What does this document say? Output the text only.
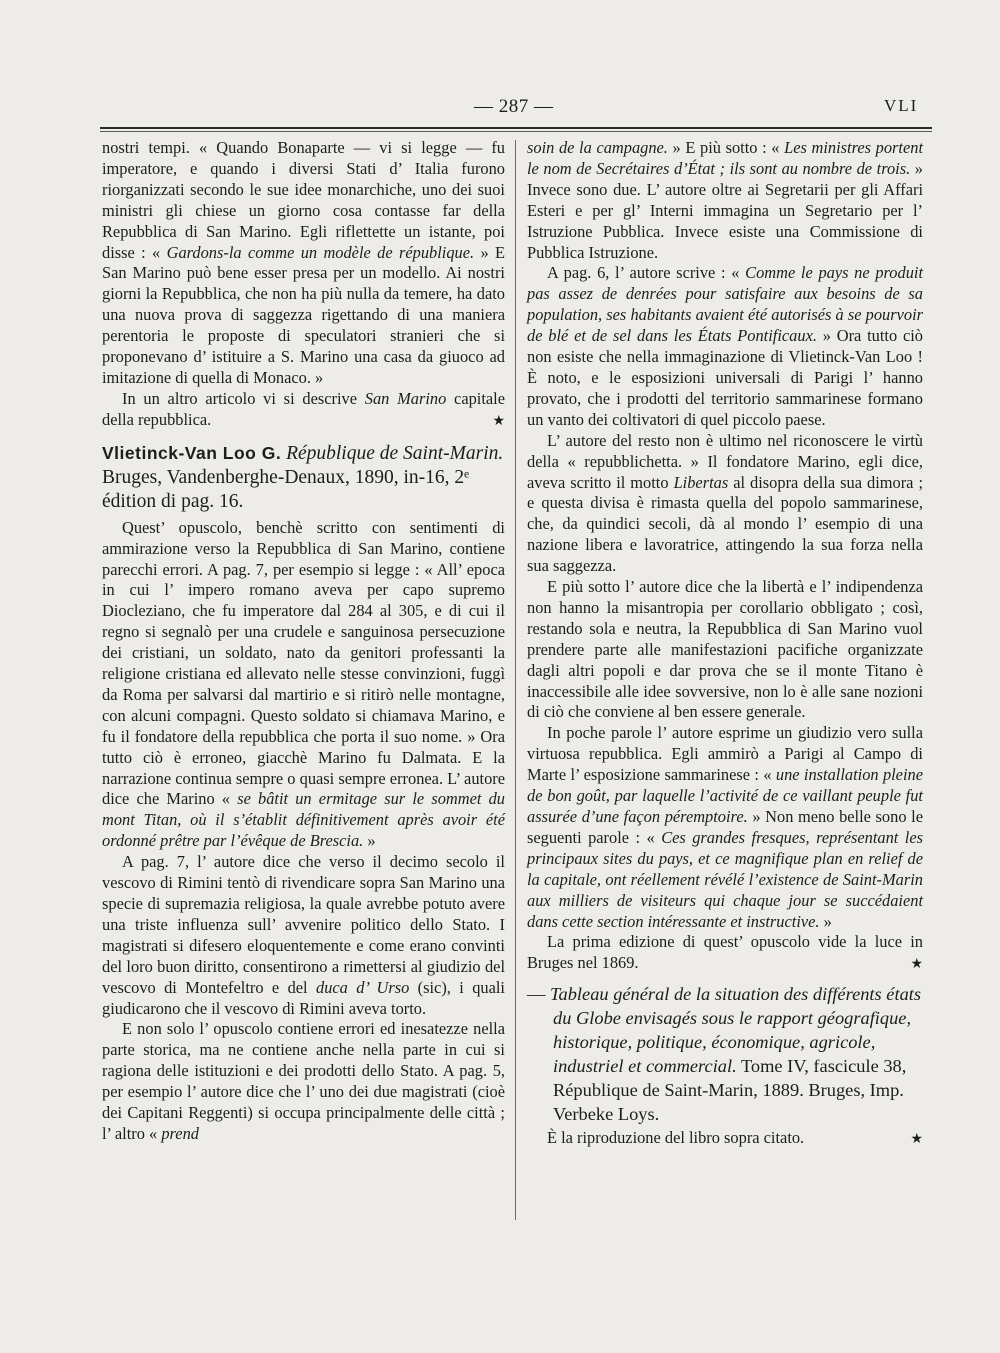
— 287 —	VLI

nostri tempi. « Quando Bonaparte — vi si legge — fu imperatore, e quando i diversi Stati d’ Italia furono riorganizzati secondo le sue idee monarchiche, uno dei suoi ministri gli chiese un giorno cosa contasse far della Repubblica di San Marino. Egli riflettette un istante, poi disse : « Gardons-la comme un modèle de république. » E San Marino può bene esser presa per un modello. Ai nostri giorni la Repubblica, che non ha più nulla da temere, ha dato una nuova prova di saggezza rigettando di una maniera perentoria le proposte di speculatori stranieri che si proponevano d’ istituire a S. Marino una casa da giuoco ad imitazione di quella di Monaco. »

In un altro articolo vi si descrive San Marino capitale della repubblica.	★

Vlietinck-Van Loo G. République de Saint-Marin. Bruges, Vandenberghe-Denaux, 1890, in-16, 2ᵉ édition di pag. 16.

Quest’ opuscolo, benchè scritto con sentimenti di ammirazione verso la Repubblica di San Marino, contiene parecchi errori. A pag. 7, per esempio si legge : « All’ epoca in cui l’ impero romano aveva per capo supremo Diocleziano, che fu imperatore dal 284 al 305, e di cui il regno si segnalò per una crudele e sanguinosa persecuzione dei cristiani, un soldato, nato da genitori professanti la religione cristiana ed allevato nelle stesse convinzioni, fuggì da Roma per salvarsi dal martirio e si ritirò nelle montagne, con alcuni compagni. Questo soldato si chiamava Marino, e fu il fondatore della repubblica che porta il suo nome. » Ora tutto ciò è erroneo, giacchè Marino fu Dalmata. E la narrazione continua sempre o quasi sempre erronea. L’ autore dice che Marino « se bâtit un ermitage sur le sommet du mont Titan, où il s’établit définitivement après avoir été ordonné prêtre par l’évêque de Brescia. »

A pag. 7, l’ autore dice che verso il decimo secolo il vescovo di Rimini tentò di rivendicare sopra San Marino una specie di supremazia religiosa, la quale avrebbe potuto avere una triste influenza sull’ avvenire politico dello Stato. I magistrati si difesero eloquentemente e come erano convinti del loro buon diritto, consentirono a rimettersi al giudizio del vescovo di Montefeltro e del duca d’ Urso (sic), i quali giudicarono che il vescovo di Rimini aveva torto.

E non solo l’ opuscolo contiene errori ed inesatezze nella parte storica, ma ne contiene anche nella parte in cui si ragiona delle istituzioni e dei prodotti dello Stato. A pag. 5, per esempio l’ autore dice che l’ uno dei due magistrati (cioè dei Capitani Reggenti) si occupa principalmente delle città ; l’ altro « prend

soin de la campagne. » E più sotto : « Les ministres portent le nom de Secrétaires d’État ; ils sont au nombre de trois. » Invece sono due. L’ autore oltre ai Segretarii per gli Affari Esteri e per gl’ Interni immagina un Segretario per l’ Istruzione Pubblica. Invece esiste una Commissione di Pubblica Istruzione.

A pag. 6, l’ autore scrive : « Comme le pays ne produit pas assez de denrées pour satisfaire aux besoins de sa population, ses habitants avaient été autorisés à se pourvoir de blé et de sel dans les États Pontificaux. » Ora tutto ciò non esiste che nella immaginazione di Vlietinck-Van Loo ! È noto, e le esposizioni universali di Parigi l’ hanno provato, che i prodotti del territorio sammarinese formano un vanto dei coltivatori di quel piccolo paese.

L’ autore del resto non è ultimo nel riconoscere le virtù della « repubblichetta. » Il fondatore Marino, egli dice, aveva scritto il motto Libertas al disopra della sua dimora ; e questa divisa è rimasta quella del popolo sammarinese, che, da quindici secoli, dà al mondo l’ esempio di una nazione libera e lavoratrice, attingendo la sua forza nella sua saggezza.

E più sotto l’ autore dice che la libertà e l’ indipendenza non hanno la misantropia per corollario obbligato ; così, restando sola e neutra, la Repubblica di San Marino vuol prendere parte alle manifestazioni pacifiche organizzate dagli altri popoli e dar prova che se il monte Titano è inaccessibile alle idee sovversive, non lo è alle sane nozioni di ciò che conviene al ben essere generale.

In poche parole l’ autore esprime un giudizio vero sulla virtuosa repubblica. Egli ammirò a Parigi al Campo di Marte l’ esposizione sammarinese : « une installation pleine de bon goût, par laquelle l’activité de ce vaillant peuple fut assurée d’une façon péremptoire. » Non meno belle sono le seguenti parole : « Ces grandes fresques, représentant les principaux sites du pays, et ce magnifique plan en relief de la capitale, ont réellement révélé l’existence de Saint-Marin aux milliers de visiteurs qui chaque jour se succédaient dans cette section intéressante et instructive. »

La prima edizione di quest’ opuscolo vide la luce in Bruges nel 1869.	★

— Tableau général de la situation des différents états du Globe envisagés sous le rapport géografique, historique, politique, économique, agricole, industriel et commercial. Tome IV, fascicule 38, République de Saint-Marin, 1889. Bruges, Imp. Verbeke Loys.

È la riproduzione del libro sopra citato.	★
